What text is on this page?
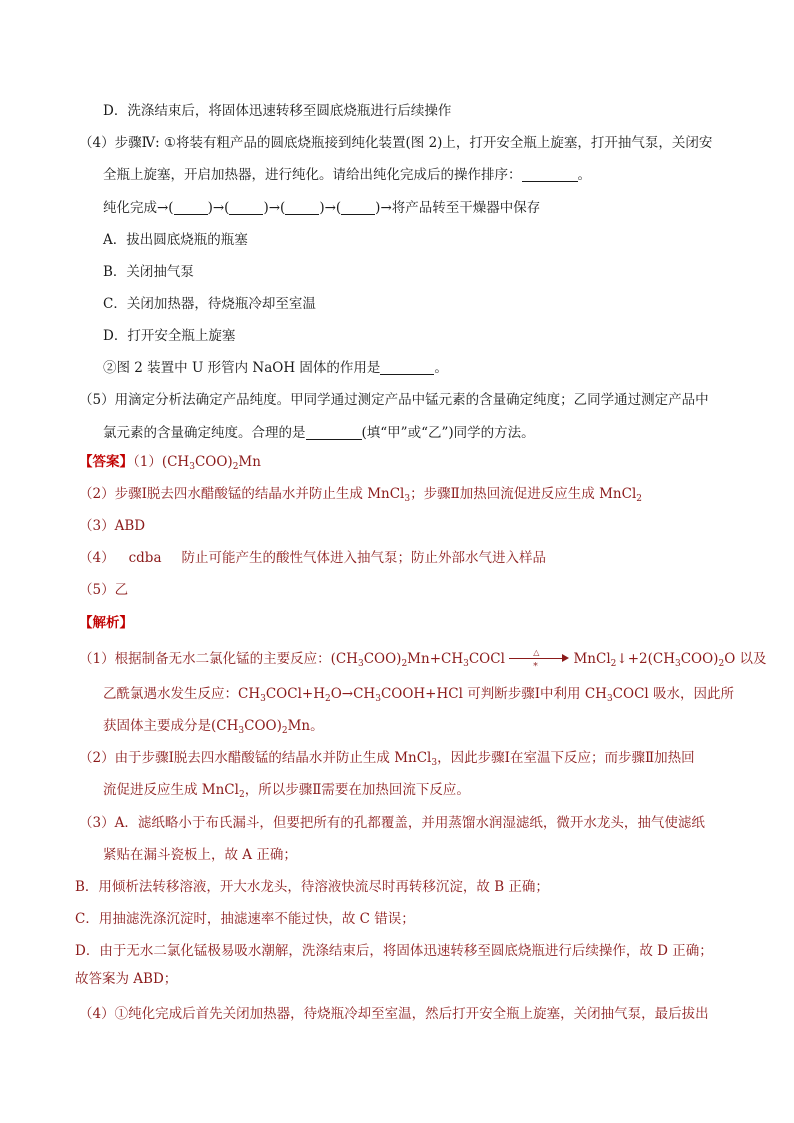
D．洗涤结束后，将固体迅速转移至圆底烧瓶进行后续操作
（4）步骤Ⅳ: ①将装有粗产品的圆底烧瓶接到纯化装置(图 2)上，打开安全瓶上旋塞，打开抽气泵，关闭安
全瓶上旋塞，开启加热器，进行纯化。请给出纯化完成后的操作排序：	。
纯化完成→(	)→(	)→(	)→(	)→将产品转至干燥器中保存
A．拔出圆底烧瓶的瓶塞
B．关闭抽气泵
C．关闭加热器，待烧瓶冷却至室温
D．打开安全瓶上旋塞
②图 2 装置中 U 形管内 NaOH 固体的作用是	。
（5）用滴定分析法确定产品纯度。甲同学通过测定产品中锰元素的含量确定纯度；乙同学通过测定产品中
氯元素的含量确定纯度。合理的是	(填“甲”或“乙”)同学的方法。
【答案】$(1)(CH_3COO)_2Mn$
（2）步骤Ⅰ脱去四水醋酸锰的结晶水并防止生成 MnCl$_3$；步骤Ⅱ加热回流促进反应生成 MnCl$_2$
（3）ABD
（4） cdba 防止可能产生的酸性气体进入抽气泵；防止外部水气进入样品
（5）乙
【解析】
（1）根据制备无水二氯化锰的主要反应：$(CH_3COO)_2Mn+CH_3COCl$	△
*	$MnCl_2↓+2(CH_3COO)_2O$ 以及
乙酰氯遇水发生反应：$CH_3COCl+H_2O\to CH_3COOH+HCl$ 可判断步骤Ⅰ中利用 $CH_3COCl$ 吸水，因此所
获固体主要成分是$(CH_3COO)_2Mn$。
（2）由于步骤Ⅰ脱去四水醋酸锰的结晶水并防止生成 MnCl$_3$，因此步骤Ⅰ在室温下反应；而步骤Ⅱ加热回
流促进反应生成 MnCl$_2$，所以步骤Ⅱ需要在加热回流下反应。
（3）A．滤纸略小于布氏漏斗，但要把所有的孔都覆盖，并用蒸馏水润湿滤纸，微开水龙头，抽气使滤纸
紧贴在漏斗瓷板上，故 A 正确；
B．用倾析法转移溶液，开大水龙头，待溶液快流尽时再转移沉淀，故 B 正确；
C．用抽滤洗涤沉淀时，抽滤速率不能过快，故 C 错误；
D．由于无水二氯化锰极易吸水潮解，洗涤结束后，将固体迅速转移至圆底烧瓶进行后续操作，故 D 正确；
故答案为 ABD；
（4）①纯化完成后首先关闭加热器，待烧瓶冷却至室温，然后打开安全瓶上旋塞，关闭抽气泵，最后拔出
